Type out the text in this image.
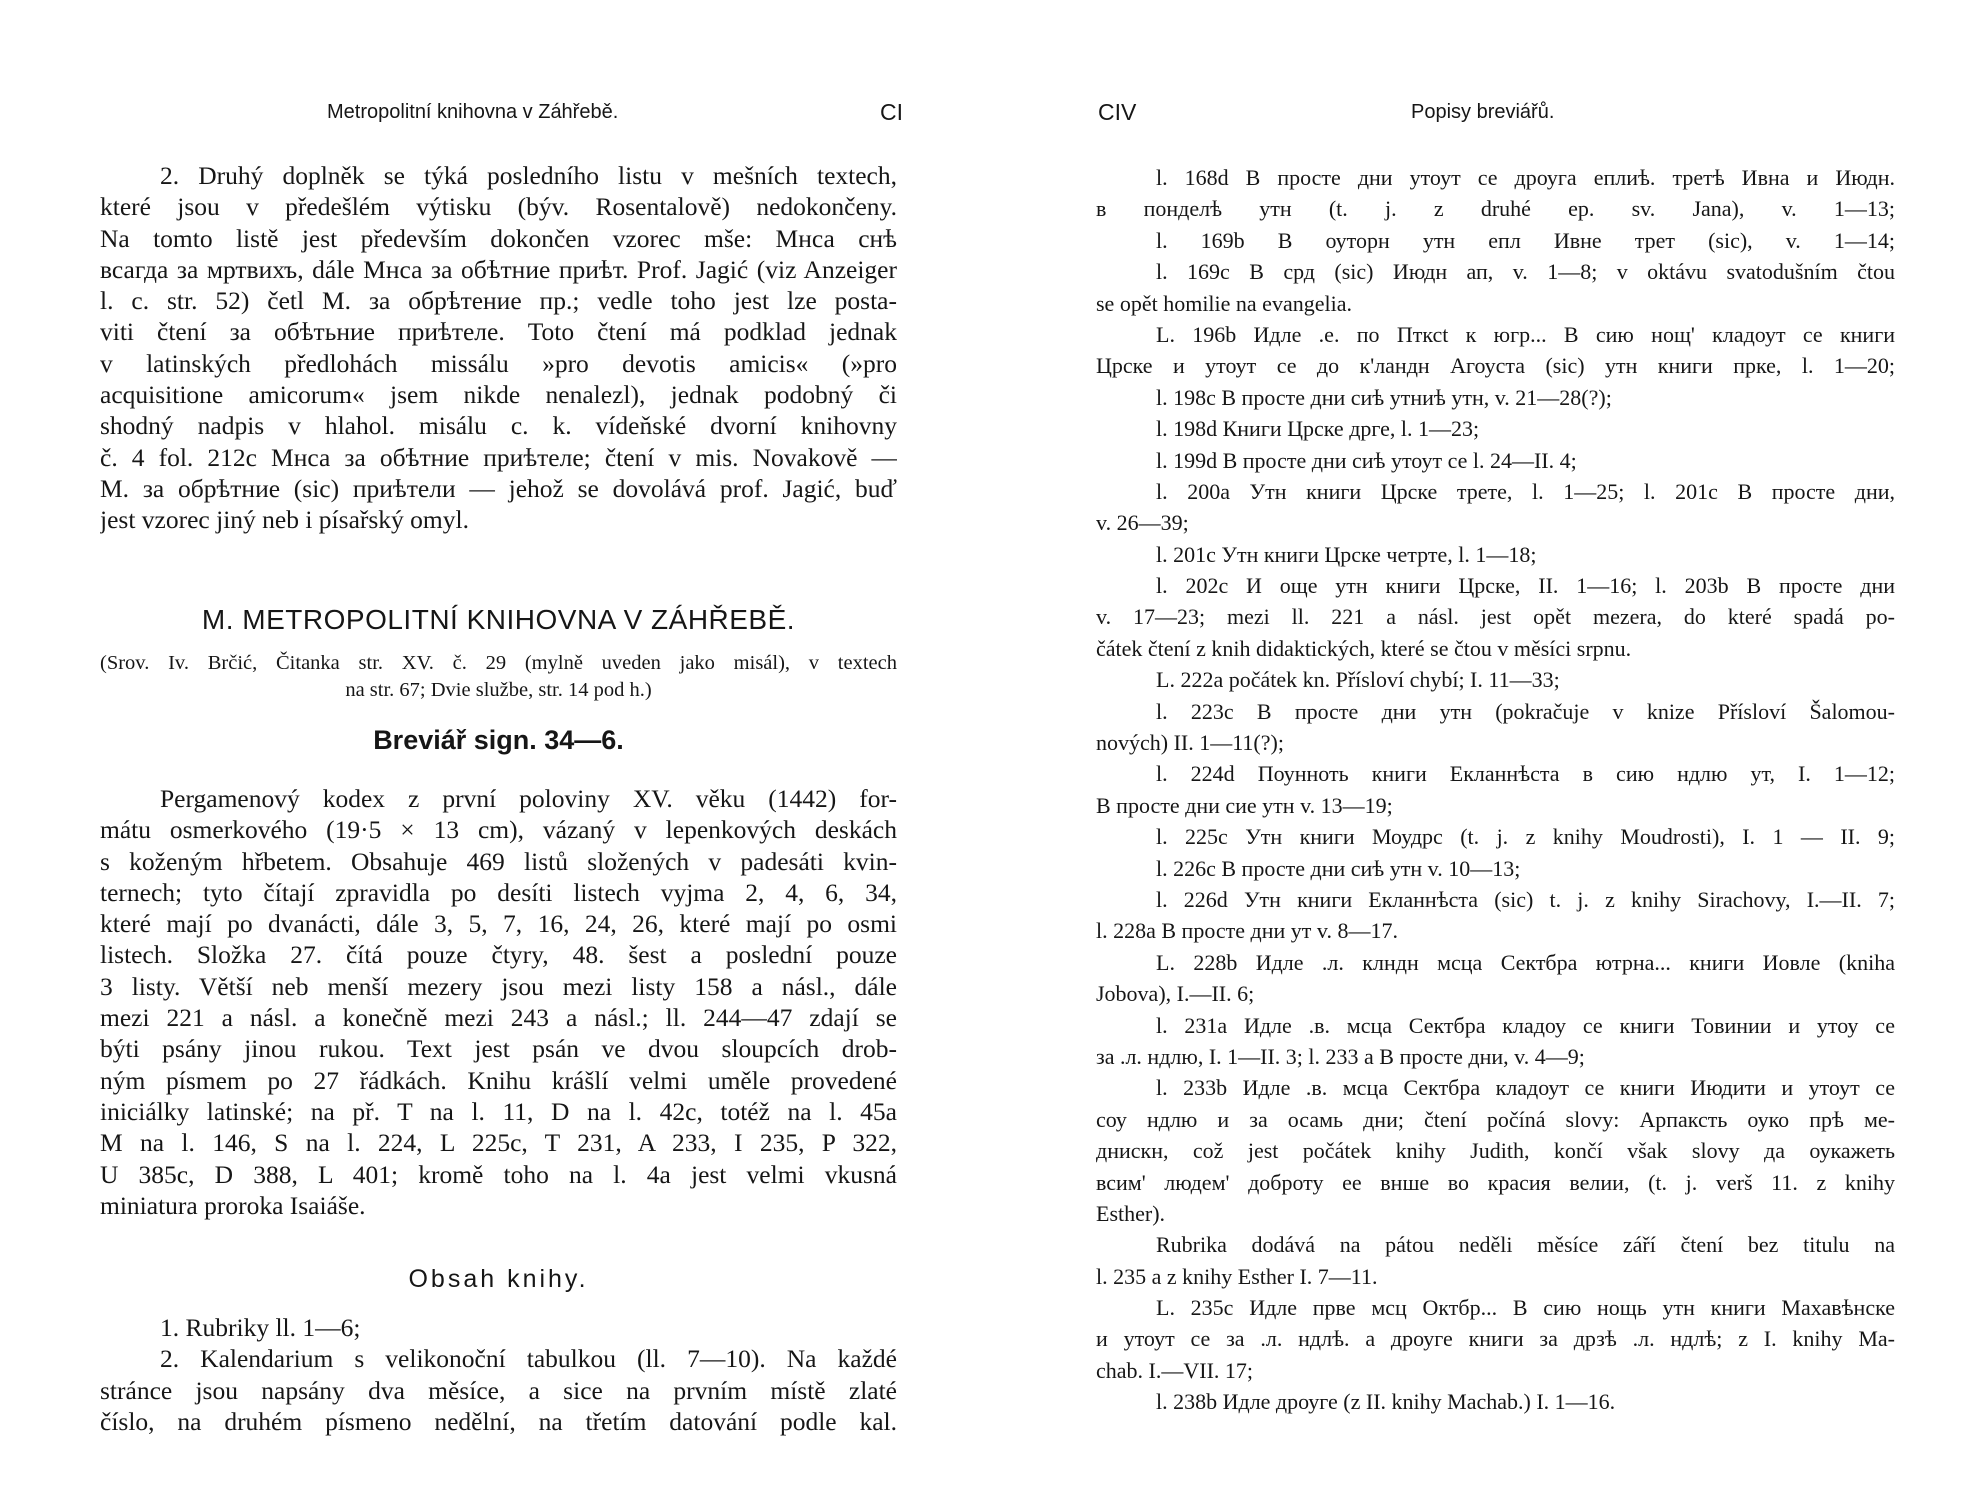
Metropolitní knihovna v Záhřebě.	CI
2. Druhý doplněk se týká posledního listu v mešních textech,
které jsou v předešlém výtisku (býv. Rosentalově) nedokončeny.
Na tomto listě jest především dokončen vzorec mše: Мнса снѣ
всагда за мртвихъ, dále Мнса за обѣтние приѣт. Prof. Jagić (viz Anzeiger
l. c. str. 52) četl М. за обрѣтение пр.; vedle toho jest lze posta-
viti čtení за обѣтьние приѣтеле. Toto čtení má podklad jednak
v latinských předlohách missálu »pro devotis amicis« (»pro
acquisitione amicorum« jsem nikde nenalezl), jednak podobný či
shodný nadpis v hlahol. misálu c. k. vídeňské dvorní knihovny
č. 4 fol. 212c Мнса за обѣтние приѣтеле; čtení v mis. Novakově —
М. за обрѣтние (sic) приѣтели — jehož se dovolává prof. Jagić, buď
jest vzorec jiný neb i písařský omyl.
M. METROPOLITNÍ KNIHOVNA V ZÁHŘEBĚ.
(Srov. Iv. Brčić, Čitanka str. XV. č. 29 (mylně uveden jako misál), v textech
na str. 67; Dvie službe, str. 14 pod h.)
Breviář sign. 34—6.
Pergamenový kodex z první poloviny XV. věku (1442) for-
mátu osmerkového (19·5 × 13 cm), vázaný v lepenkových deskách
s koženým hřbetem. Obsahuje 469 listů složených v padesáti kvin-
ternech; tyto čítají zpravidla po desíti listech vyjma 2, 4, 6, 34,
které mají po dvanácti, dále 3, 5, 7, 16, 24, 26, které mají po osmi
listech. Složka 27. čítá pouze čtyry, 48. šest a poslední pouze
3 listy. Větší neb menší mezery jsou mezi listy 158 a násl., dále
mezi 221 a násl. a konečně mezi 243 a násl.; ll. 244—47 zdají se
býti psány jinou rukou. Text jest psán ve dvou sloupcích drob-
ným písmem po 27 řádkách. Knihu krášlí velmi uměle provedené
iniciálky latinské; na př. T na l. 11, D na l. 42c, totéž na l. 45a
M na l. 146, S na l. 224, L 225c, T 231, A 233, I 235, P 322,
U 385c, D 388, L 401; kromě toho na l. 4a jest velmi vkusná
miniatura proroka Isaiáše.
Obsah knihy.
1. Rubriky ll. 1—6;
2. Kalendarium s velikonoční tabulkou (ll. 7—10). Na každé
stránce jsou napsány dva měsíce, a sice na prvním místě zlaté
číslo, na druhém písmeno nedělní, na třetím datování podle kal.
CIV	Popisy breviářů.
l. 168d В просте дни утоут се дроуга еплиѣ. третѣ Ивна и Июдн.
в понделѣ утн (t. j. z druhé ep. sv. Jana), v. 1—13;
l. 169b В оуторн утн епл Ивне трет (sic), v. 1—14;
l. 169c В срд (sic) Июдн ап, v. 1—8; v oktávu svatodušním čtou
se opět homilie na evangelia.
L. 196b Идле .е. по Птксt к югр... В сию нощ' кладоут се книги
Црске и утоут се до к'ландн Агоуста (sic) утн книги прке, l. 1—20;
l. 198c В просте дни сиѣ утниѣ утн, v. 21—28(?);
l. 198d Книги Црске дрге, l. 1—23;
l. 199d В просте дни сиѣ утоут се l. 24—II. 4;
l. 200a Утн книги Црске трете, l. 1—25; l. 201c В просте дни,
v. 26—39;
l. 201c Утн книги Црске четрте, l. 1—18;
l. 202c И още утн книги Црске, II. 1—16; l. 203b В просте дни
v. 17—23; mezi ll. 221 a násl. jest opět mezera, do které spadá po-
čátek čtení z knih didaktických, které se čtou v měsíci srpnu.
L. 222a počátek kn. Přísloví chybí; I. 11—33;
l. 223c В просте дни утн (pokračuje v knize Přísloví Šalomou-
nových) II. 1—11(?);
l. 224d Поунноть книги Екланнѣста в сию ндлю ут, I. 1—12;
В просте дни сие утн v. 13—19;
l. 225c Утн книги Моудрс (t. j. z knihy Moudrosti), I. 1 — II. 9;
l. 226c В просте дни сиѣ утн v. 10—13;
l. 226d Утн книги Екланнѣста (sic) t. j. z knihy Sirachovy, I.—II. 7;
l. 228a В просте дни ут v. 8—17.
L. 228b Идле .л. клндн мсца Сектбра ютрна... книги Иовле (kniha
Jobova), I.—II. 6;
l. 231a Идле .в. мсца Сектбра кладоу се книги Товинии и утоу се
за .л. ндлю, I. 1—II. 3; l. 233 a В просте дни, v. 4—9;
l. 233b Идле .в. мсца Сектбра кладоут се книги Июдити и утоут се
соу ндлю и за осамь дни; čtení počíná slovy: Арпаксть оуко прѣ ме-
днискн, což jest počátek knihy Judith, končí však slovy да оукажеть
всим' людем' доброту ее внше во красия велии, (t. j. verš 11. z knihy
Esther).
Rubrika dodává na pátou neděli měsíce září čtení bez titulu na
l. 235 a z knihy Esther I. 7—11.
L. 235c Идле прве мсц Октбр... В сию нощь утн книги Махавѣнске
и утоут се за .л. ндлѣ. а дроуге книги за дрзѣ .л. ндлѣ; z I. knihy Ma-
chab. I.—VII. 17;
l. 238b Идле дроуге (z II. knihy Machab.) I. 1—16.
